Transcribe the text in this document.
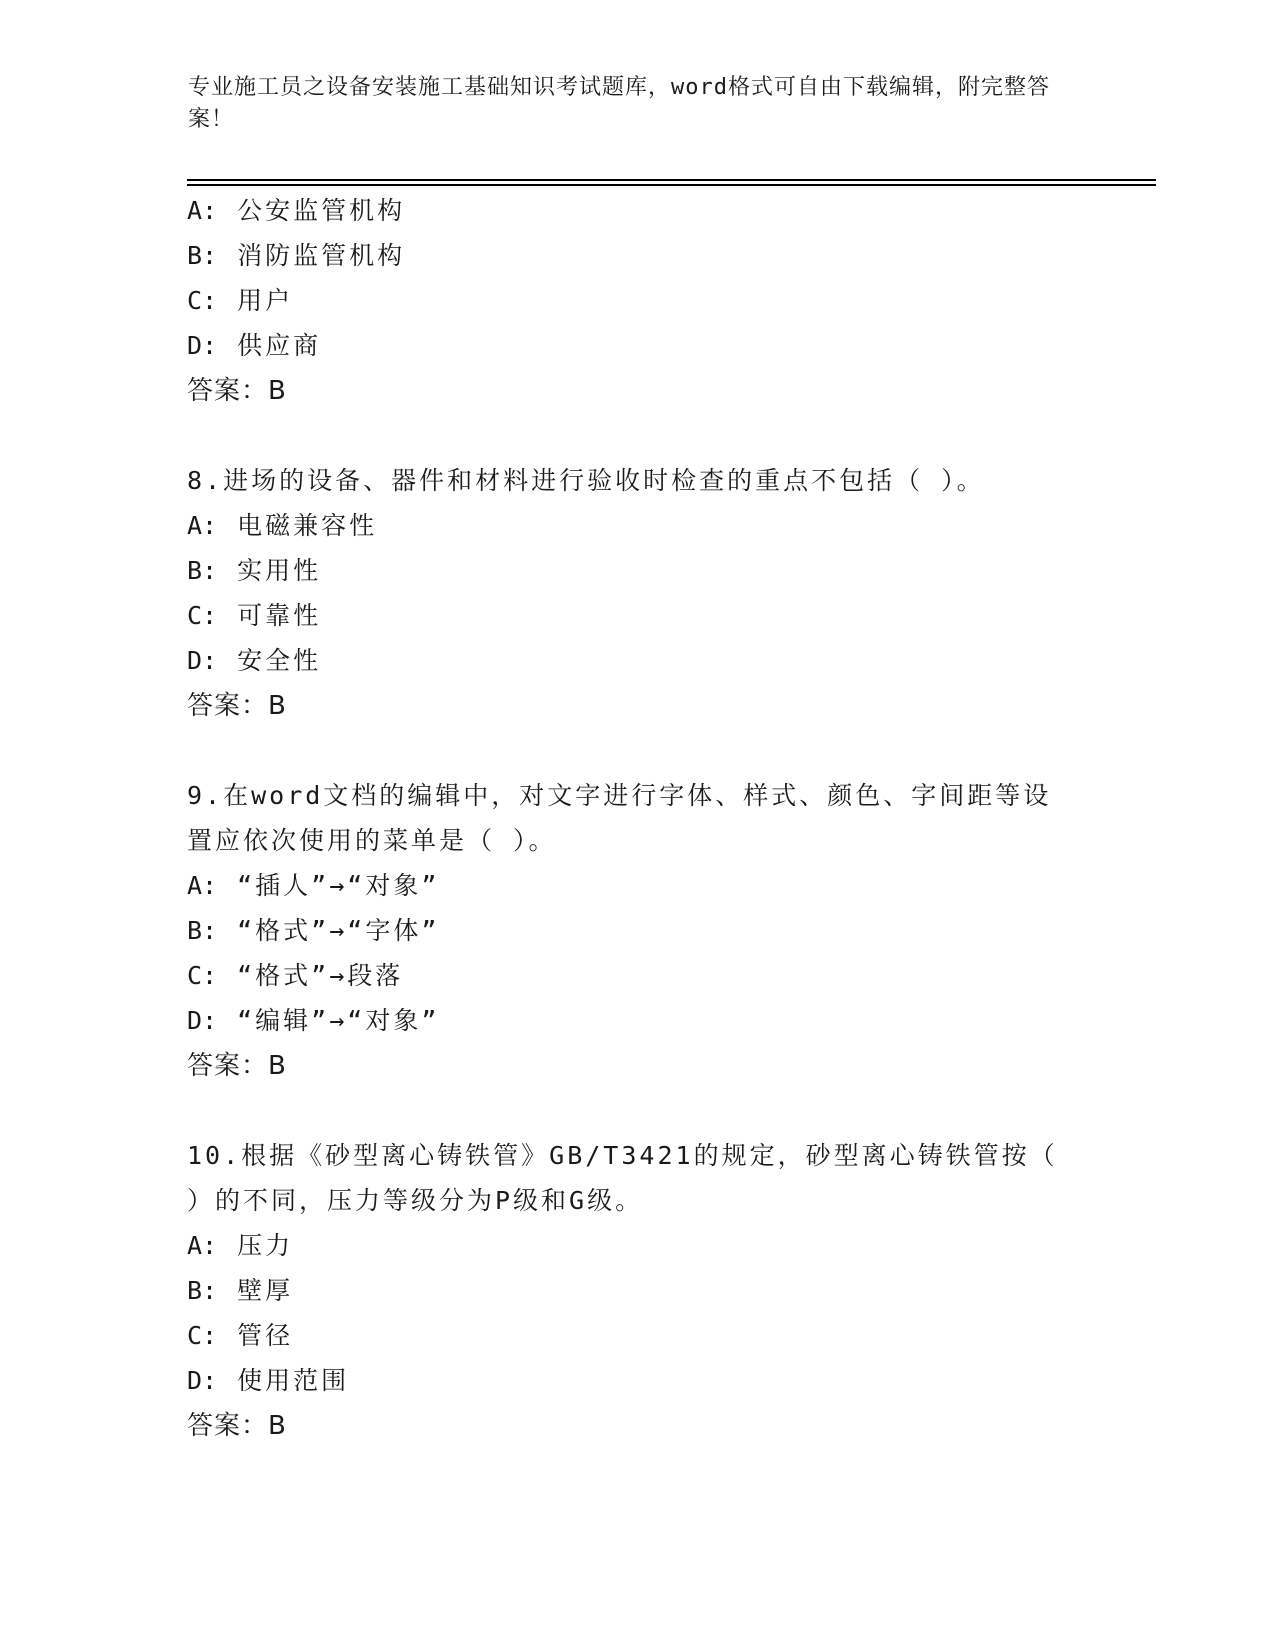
专业施工员之设备安装施工基础知识考试题库，word格式可自由下载编辑，附完整答案！
A: 公安监管机构
B: 消防监管机构
C: 用户
D: 供应商
答案：B
8.进场的设备、器件和材料进行验收时检查的重点不包括（ ）。
A: 电磁兼容性
B: 实用性
C: 可靠性
D: 安全性
答案：B
9.在word文档的编辑中，对文字进行字体、样式、颜色、字间距等设
置应依次使用的菜单是（ ）。
A: “插人”→“对象”
B: “格式”→“字体”
C: “格式”→段落
D: “编辑”→“对象”
答案：B
10.根据《砂型离心铸铁管》GB/T3421的规定，砂型离心铸铁管按（
）的不同，压力等级分为P级和G级。
A: 压力
B: 壁厚
C: 管径
D: 使用范围
答案：B
